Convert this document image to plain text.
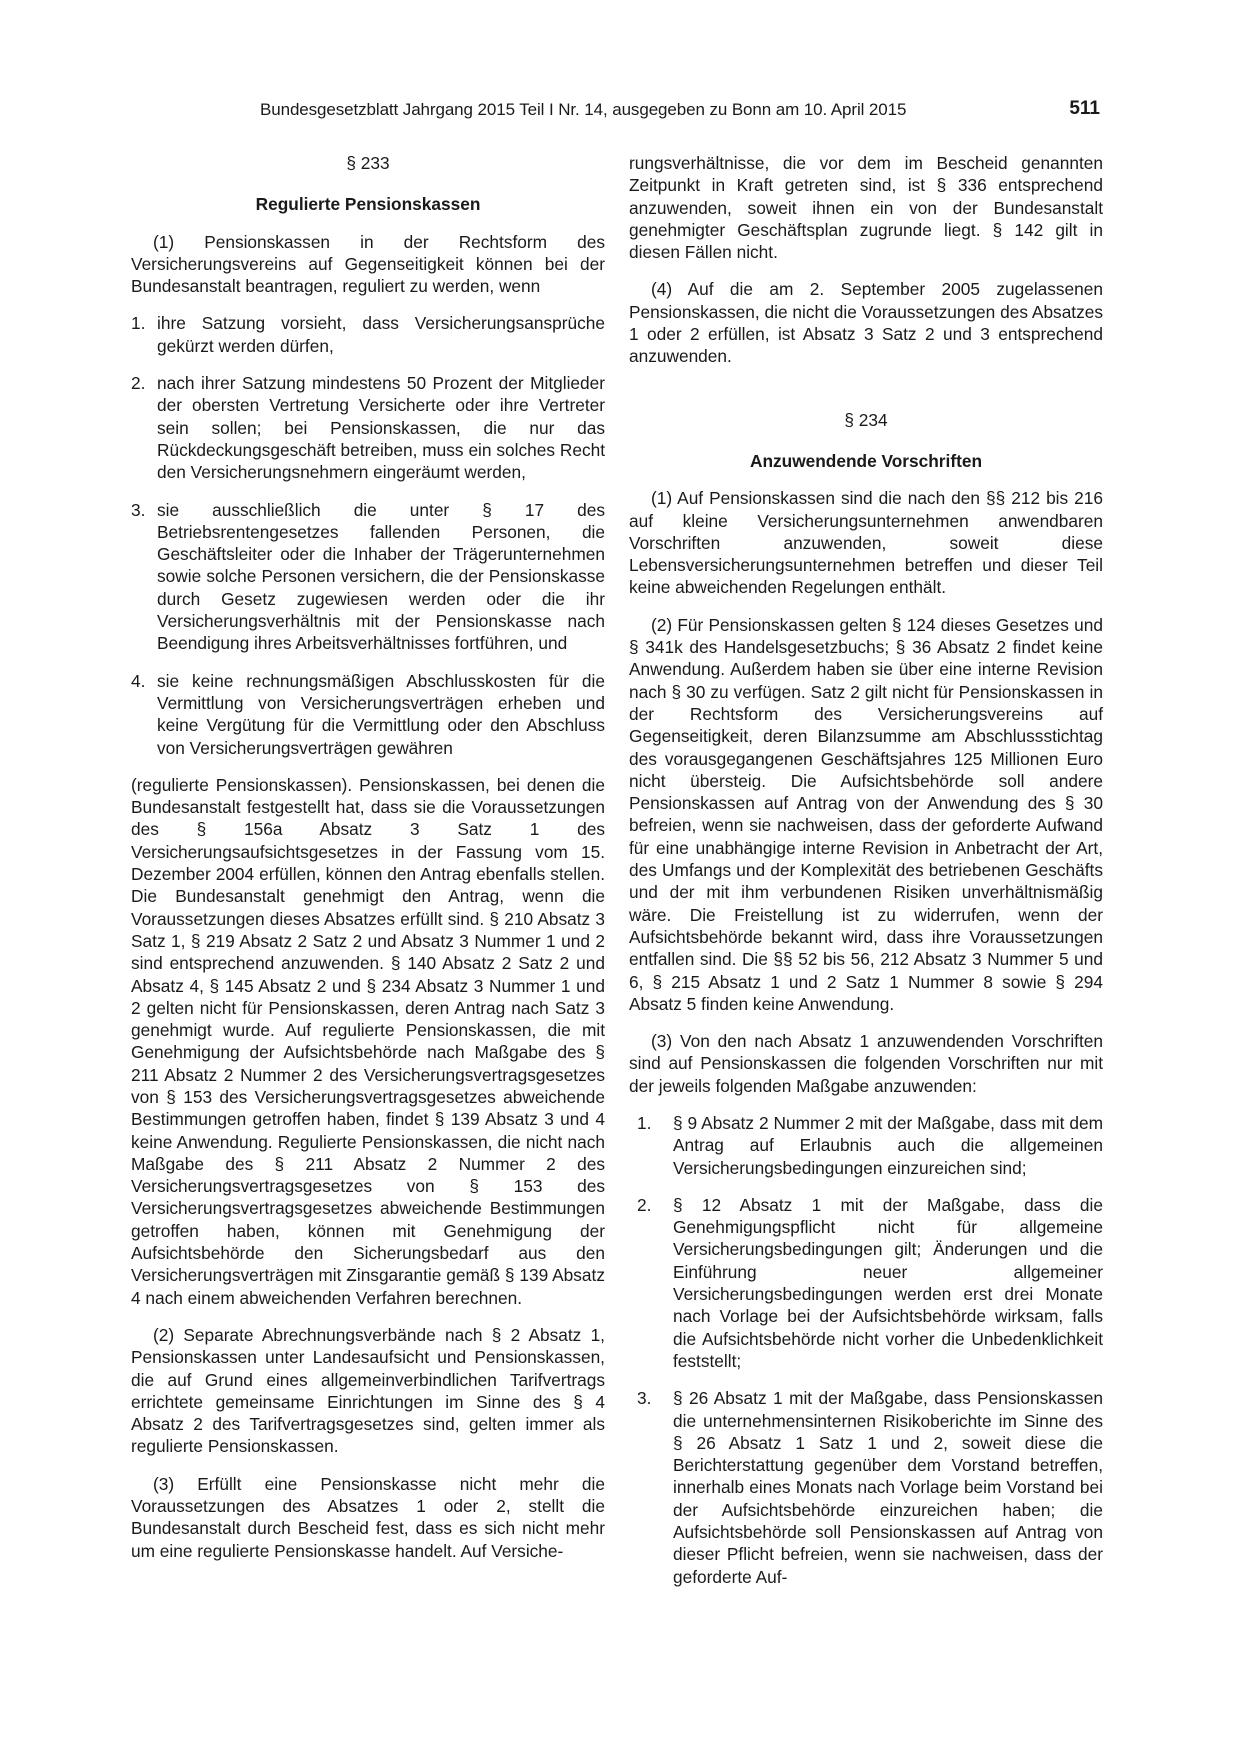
Bundesgesetzblatt Jahrgang 2015 Teil I Nr. 14, ausgegeben zu Bonn am 10. April 2015	511

§ 233

Regulierte Pensionskassen

(1) Pensionskassen in der Rechtsform des Versicherungsvereins auf Gegenseitigkeit können bei der Bundesanstalt beantragen, reguliert zu werden, wenn

1. ihre Satzung vorsieht, dass Versicherungsansprüche gekürzt werden dürfen,
2. nach ihrer Satzung mindestens 50 Prozent der Mitglieder der obersten Vertretung Versicherte oder ihre Vertreter sein sollen; bei Pensionskassen, die nur das Rückdeckungsgeschäft betreiben, muss ein solches Recht den Versicherungsnehmern eingeräumt werden,
3. sie ausschließlich die unter § 17 des Betriebsrentengesetzes fallenden Personen, die Geschäftsleiter oder die Inhaber der Trägerunternehmen sowie solche Personen versichern, die der Pensionskasse durch Gesetz zugewiesen werden oder die ihr Versicherungsverhältnis mit der Pensionskasse nach Beendigung ihres Arbeitsverhältnisses fortführen, und
4. sie keine rechnungsmäßigen Abschlusskosten für die Vermittlung von Versicherungsverträgen erheben und keine Vergütung für die Vermittlung oder den Abschluss von Versicherungsverträgen gewähren

(regulierte Pensionskassen). Pensionskassen, bei denen die Bundesanstalt festgestellt hat, dass sie die Voraussetzungen des § 156a Absatz 3 Satz 1 des Versicherungsaufsichtsgesetzes in der Fassung vom 15. Dezember 2004 erfüllen, können den Antrag ebenfalls stellen. Die Bundesanstalt genehmigt den Antrag, wenn die Voraussetzungen dieses Absatzes erfüllt sind. § 210 Absatz 3 Satz 1, § 219 Absatz 2 Satz 2 und Absatz 3 Nummer 1 und 2 sind entsprechend anzuwenden. § 140 Absatz 2 Satz 2 und Absatz 4, § 145 Absatz 2 und § 234 Absatz 3 Nummer 1 und 2 gelten nicht für Pensionskassen, deren Antrag nach Satz 3 genehmigt wurde. Auf regulierte Pensionskassen, die mit Genehmigung der Aufsichtsbehörde nach Maßgabe des § 211 Absatz 2 Nummer 2 des Versicherungsvertragsgesetzes von § 153 des Versicherungsvertragsgesetzes abweichende Bestimmungen getroffen haben, findet § 139 Absatz 3 und 4 keine Anwendung. Regulierte Pensionskassen, die nicht nach Maßgabe des § 211 Absatz 2 Nummer 2 des Versicherungsvertragsgesetzes von § 153 des Versicherungsvertragsgesetzes abweichende Bestimmungen getroffen haben, können mit Genehmigung der Aufsichtsbehörde den Sicherungsbedarf aus den Versicherungsverträgen mit Zinsgarantie gemäß § 139 Absatz 4 nach einem abweichenden Verfahren berechnen.

(2) Separate Abrechnungsverbände nach § 2 Absatz 1, Pensionskassen unter Landesaufsicht und Pensionskassen, die auf Grund eines allgemeinverbindlichen Tarifvertrags errichtete gemeinsame Einrichtungen im Sinne des § 4 Absatz 2 des Tarifvertragsgesetzes sind, gelten immer als regulierte Pensionskassen.

(3) Erfüllt eine Pensionskasse nicht mehr die Voraussetzungen des Absatzes 1 oder 2, stellt die Bundesanstalt durch Bescheid fest, dass es sich nicht mehr um eine regulierte Pensionskasse handelt. Auf Versiche-

rungsverhältnisse, die vor dem im Bescheid genannten Zeitpunkt in Kraft getreten sind, ist § 336 entsprechend anzuwenden, soweit ihnen ein von der Bundesanstalt genehmigter Geschäftsplan zugrunde liegt. § 142 gilt in diesen Fällen nicht.

(4) Auf die am 2. September 2005 zugelassenen Pensionskassen, die nicht die Voraussetzungen des Absatzes 1 oder 2 erfüllen, ist Absatz 3 Satz 2 und 3 entsprechend anzuwenden.

§ 234

Anzuwendende Vorschriften

(1) Auf Pensionskassen sind die nach den §§ 212 bis 216 auf kleine Versicherungsunternehmen anwendbaren Vorschriften anzuwenden, soweit diese Lebensversicherungsunternehmen betreffen und dieser Teil keine abweichenden Regelungen enthält.

(2) Für Pensionskassen gelten § 124 dieses Gesetzes und § 341k des Handelsgesetzbuchs; § 36 Absatz 2 findet keine Anwendung. Außerdem haben sie über eine interne Revision nach § 30 zu verfügen. Satz 2 gilt nicht für Pensionskassen in der Rechtsform des Versicherungsvereins auf Gegenseitigkeit, deren Bilanzsumme am Abschlussstichtag des vorausgegangenen Geschäftsjahres 125 Millionen Euro nicht übersteig. Die Aufsichtsbehörde soll andere Pensionskassen auf Antrag von der Anwendung des § 30 befreien, wenn sie nachweisen, dass der geforderte Aufwand für eine unabhängige interne Revision in Anbetracht der Art, des Umfangs und der Komplexität des betriebenen Geschäfts und der mit ihm verbundenen Risiken unverhältnismäßig wäre. Die Freistellung ist zu widerrufen, wenn der Aufsichtsbehörde bekannt wird, dass ihre Voraussetzungen entfallen sind. Die §§ 52 bis 56, 212 Absatz 3 Nummer 5 und 6, § 215 Absatz 1 und 2 Satz 1 Nummer 8 sowie § 294 Absatz 5 finden keine Anwendung.

(3) Von den nach Absatz 1 anzuwendenden Vorschriften sind auf Pensionskassen die folgenden Vorschriften nur mit der jeweils folgenden Maßgabe anzuwenden:

1.	§ 9 Absatz 2 Nummer 2 mit der Maßgabe, dass mit dem Antrag auf Erlaubnis auch die allgemeinen Versicherungsbedingungen einzureichen sind;
2.	§ 12 Absatz 1 mit der Maßgabe, dass die Genehmigungspflicht nicht für allgemeine Versicherungsbedingungen gilt; Änderungen und die Einführung neuer allgemeiner Versicherungsbedingungen werden erst drei Monate nach Vorlage bei der Aufsichtsbehörde wirksam, falls die Aufsichtsbehörde nicht vorher die Unbedenklichkeit feststellt;
3.	§ 26 Absatz 1 mit der Maßgabe, dass Pensionskassen die unternehmensinternen Risikoberichte im Sinne des § 26 Absatz 1 Satz 1 und 2, soweit diese die Berichterstattung gegenüber dem Vorstand betreffen, innerhalb eines Monats nach Vorlage beim Vorstand bei der Aufsichtsbehörde einzureichen haben; die Aufsichtsbehörde soll Pensionskassen auf Antrag von dieser Pflicht befreien, wenn sie nachweisen, dass der geforderte Auf-
